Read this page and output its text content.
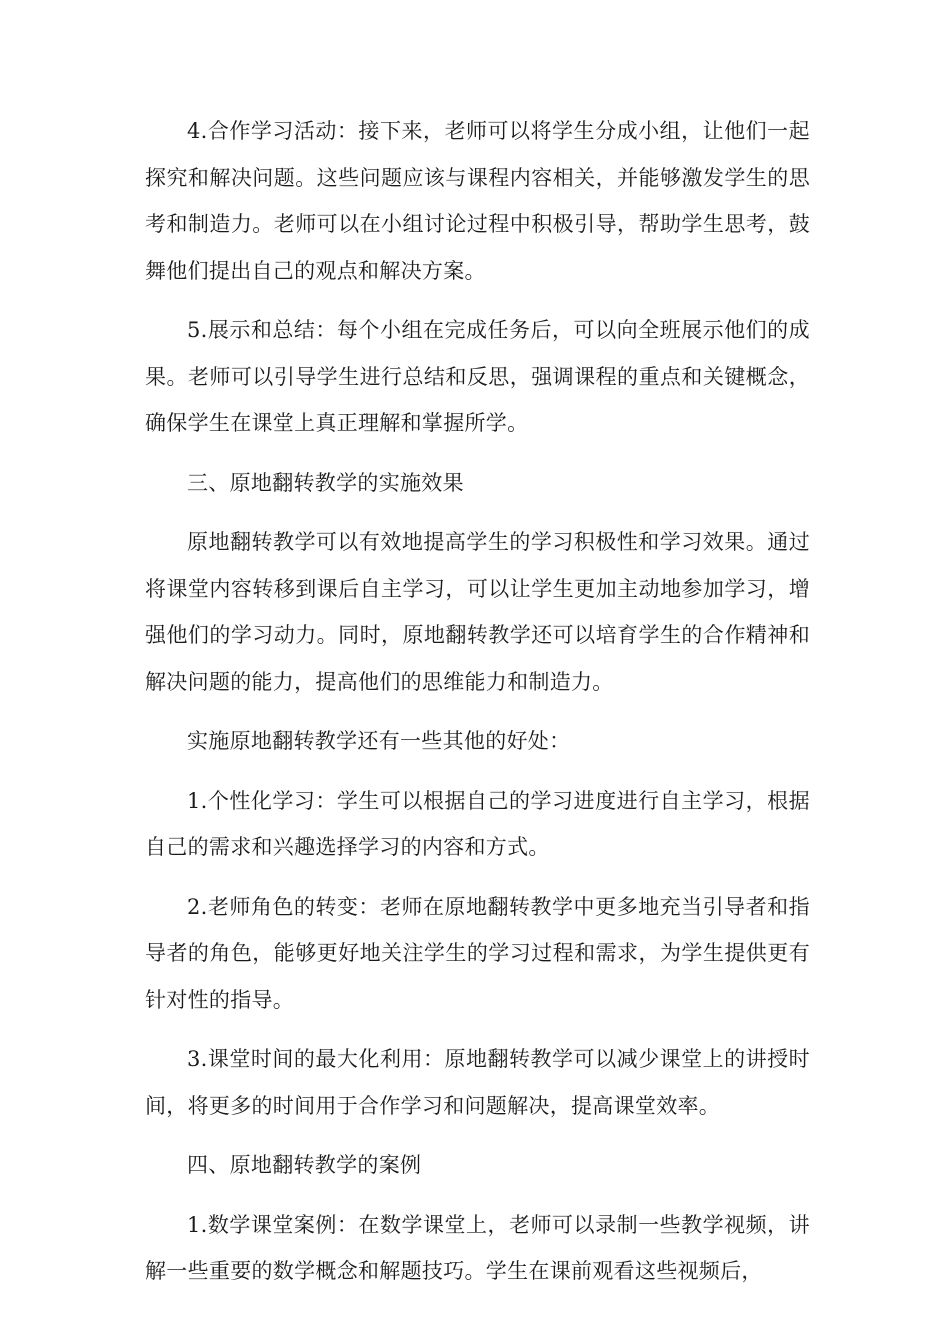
4.合作学习活动：接下来，老师可以将学生分成小组，让他们一起探究和解决问题。这些问题应该与课程内容相关，并能够激发学生的思考和制造力。老师可以在小组讨论过程中积极引导，帮助学生思考，鼓舞他们提出自己的观点和解决方案。

5.展示和总结：每个小组在完成任务后，可以向全班展示他们的成果。老师可以引导学生进行总结和反思，强调课程的重点和关键概念，确保学生在课堂上真正理解和掌握所学。

三、原地翻转教学的实施效果

原地翻转教学可以有效地提高学生的学习积极性和学习效果。通过将课堂内容转移到课后自主学习，可以让学生更加主动地参加学习，增强他们的学习动力。同时，原地翻转教学还可以培育学生的合作精神和解决问题的能力，提高他们的思维能力和制造力。

实施原地翻转教学还有一些其他的好处：

1.个性化学习：学生可以根据自己的学习进度进行自主学习，根据自己的需求和兴趣选择学习的内容和方式。

2.老师角色的转变：老师在原地翻转教学中更多地充当引导者和指导者的角色，能够更好地关注学生的学习过程和需求，为学生提供更有针对性的指导。

3.课堂时间的最大化利用：原地翻转教学可以减少课堂上的讲授时间，将更多的时间用于合作学习和问题解决，提高课堂效率。

四、原地翻转教学的案例

1.数学课堂案例：在数学课堂上，老师可以录制一些教学视频，讲解一些重要的数学概念和解题技巧。学生在课前观看这些视频后，
